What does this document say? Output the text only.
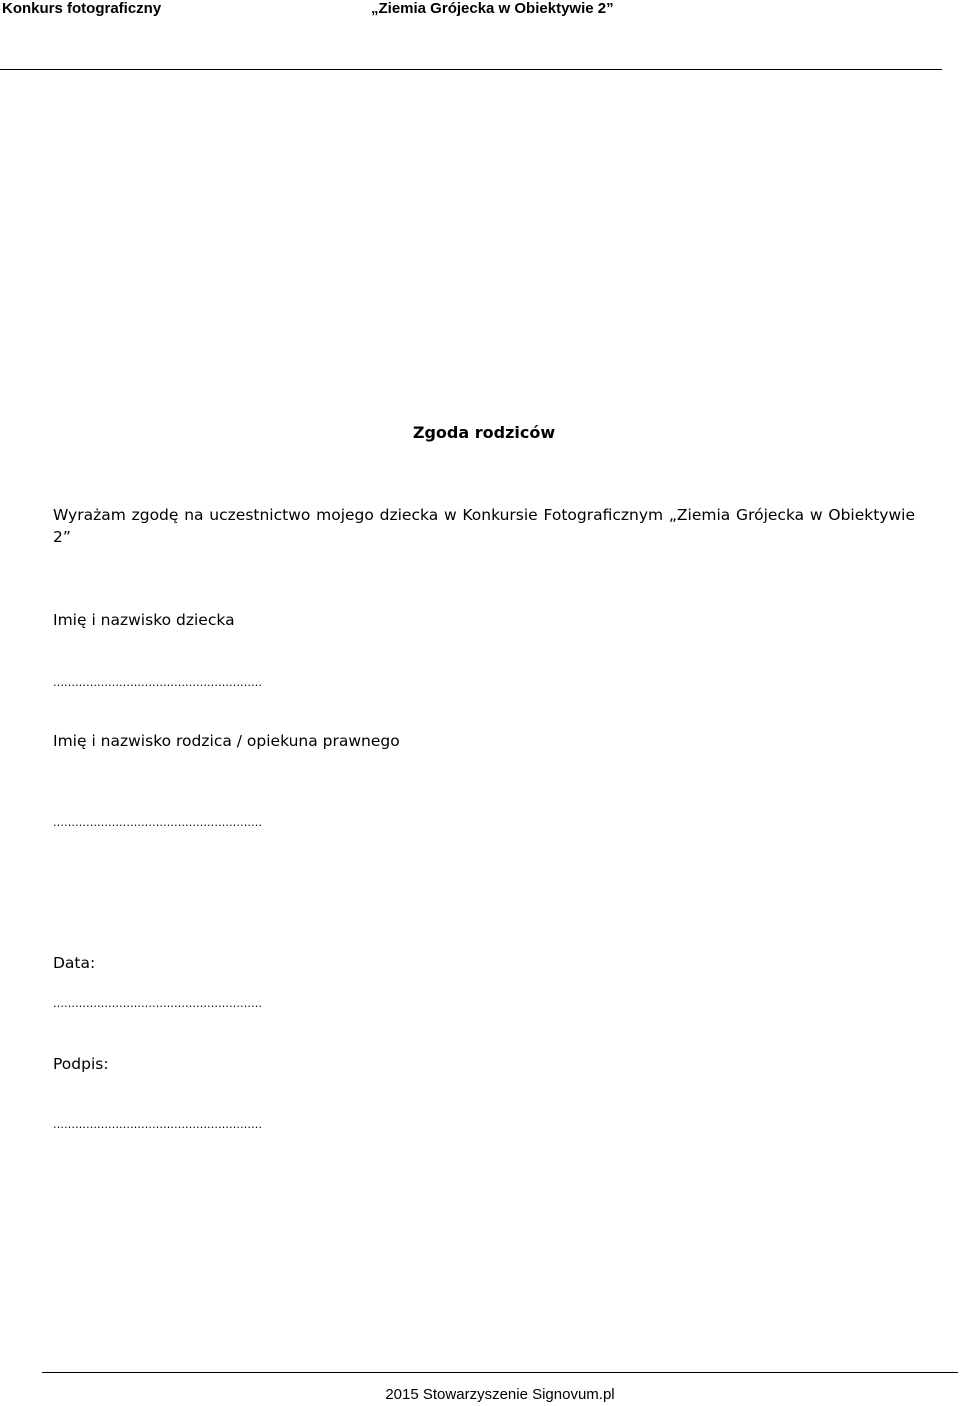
Konkurs fotograficzny	„Ziemia Grójecka w Obiektywie 2”
Zgoda rodziców
Wyrażam zgodę na uczestnictwo mojego dziecka w Konkursie Fotograficznym „Ziemia Grójecka w Obiektywie 2”
Imię i nazwisko dziecka
…………………………………………………
Imię i nazwisko rodzica / opiekuna prawnego
…………………………………………………
Data:
…………………………………………………
Podpis:
…………………………………………………
2015 Stowarzyszenie Signovum.pl
